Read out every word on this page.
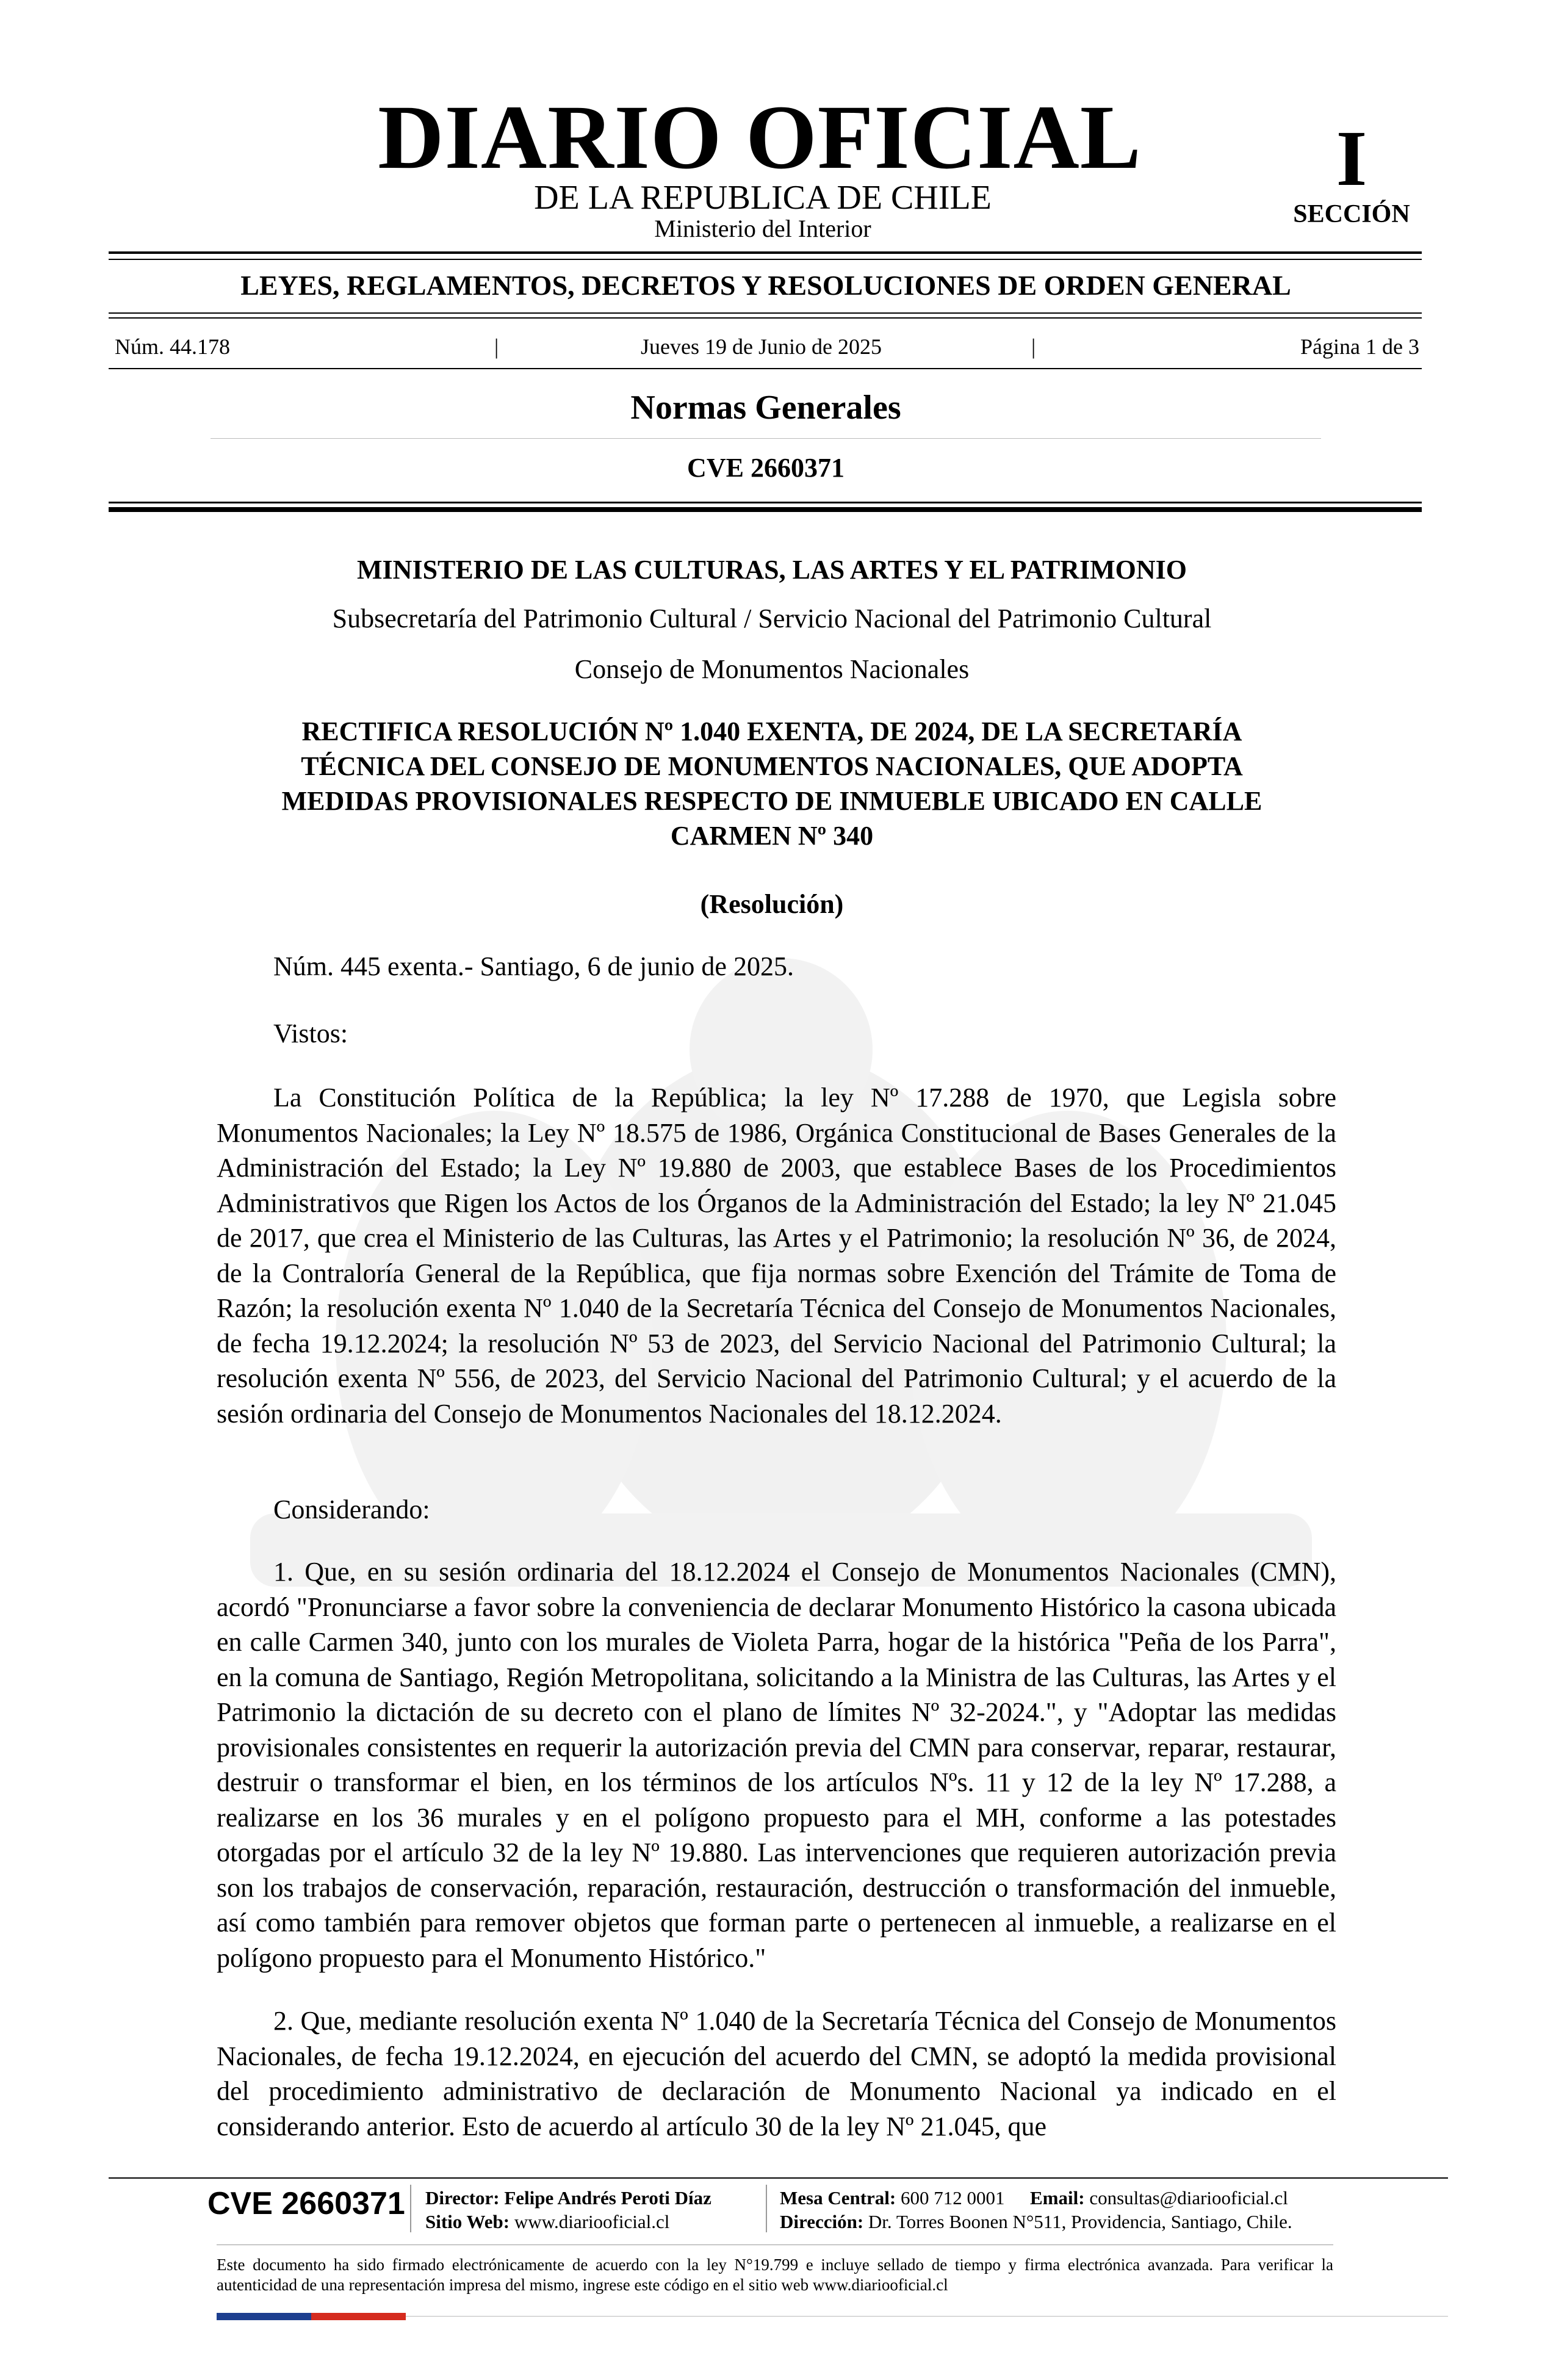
DIARIO OFICIAL
DE LA REPUBLICA DE CHILE
Ministerio del Interior
I
SECCIÓN
LEYES, REGLAMENTOS, DECRETOS Y RESOLUCIONES DE ORDEN GENERAL
Núm. 44.178	|	Jueves 19 de Junio de 2025	|	Página 1 de 3
Normas Generales
CVE 2660371
MINISTERIO DE LAS CULTURAS, LAS ARTES Y EL PATRIMONIO
Subsecretaría del Patrimonio Cultural / Servicio Nacional del Patrimonio Cultural
Consejo de Monumentos Nacionales
RECTIFICA RESOLUCIÓN Nº 1.040 EXENTA, DE 2024, DE LA SECRETARÍA
TÉCNICA DEL CONSEJO DE MONUMENTOS NACIONALES, QUE ADOPTA
MEDIDAS PROVISIONALES RESPECTO DE INMUEBLE UBICADO EN CALLE
CARMEN Nº 340
(Resolución)
Núm. 445 exenta.- Santiago, 6 de junio de 2025.
Vistos:

La Constitución Política de la República; la ley Nº 17.288 de 1970, que Legisla sobre Monumentos Nacionales; la Ley Nº 18.575 de 1986, Orgánica Constitucional de Bases Generales de la Administración del Estado; la Ley Nº 19.880 de 2003, que establece Bases de los Procedimientos Administrativos que Rigen los Actos de los Órganos de la Administración del Estado; la ley Nº 21.045 de 2017, que crea el Ministerio de las Culturas, las Artes y el Patrimonio; la resolución Nº 36, de 2024, de la Contraloría General de la República, que fija normas sobre Exención del Trámite de Toma de Razón; la resolución exenta Nº 1.040 de la Secretaría Técnica del Consejo de Monumentos Nacionales, de fecha 19.12.2024; la resolución Nº 53 de 2023, del Servicio Nacional del Patrimonio Cultural; la resolución exenta Nº 556, de 2023, del Servicio Nacional del Patrimonio Cultural; y el acuerdo de la sesión ordinaria del Consejo de Monumentos Nacionales del 18.12.2024.

Considerando:

1. Que, en su sesión ordinaria del 18.12.2024 el Consejo de Monumentos Nacionales (CMN), acordó "Pronunciarse a favor sobre la conveniencia de declarar Monumento Histórico la casona ubicada en calle Carmen 340, junto con los murales de Violeta Parra, hogar de la histórica "Peña de los Parra", en la comuna de Santiago, Región Metropolitana, solicitando a la Ministra de las Culturas, las Artes y el Patrimonio la dictación de su decreto con el plano de límites Nº 32-2024.", y "Adoptar las medidas provisionales consistentes en requerir la autorización previa del CMN para conservar, reparar, restaurar, destruir o transformar el bien, en los términos de los artículos Nºs. 11 y 12 de la ley Nº 17.288, a realizarse en los 36 murales y en el polígono propuesto para el MH, conforme a las potestades otorgadas por el artículo 32 de la ley Nº 19.880. Las intervenciones que requieren autorización previa son los trabajos de conservación, reparación, restauración, destrucción o transformación del inmueble, así como también para remover objetos que forman parte o pertenecen al inmueble, a realizarse en el polígono propuesto para el Monumento Histórico."

2. Que, mediante resolución exenta Nº 1.040 de la Secretaría Técnica del Consejo de Monumentos Nacionales, de fecha 19.12.2024, en ejecución del acuerdo del CMN, se adoptó la medida provisional del procedimiento administrativo de declaración de Monumento Nacional ya indicado en el considerando anterior. Esto de acuerdo al artículo 30 de la ley Nº 21.045, que

CVE 2660371 Director: Felipe Andrés Peroti Díaz
Sitio Web: www.diariooficial.cl
Mesa Central: 600 712 0001 Email: consultas@diariooficial.cl
Dirección: Dr. Torres Boonen N°511, Providencia, Santiago, Chile.
Este documento ha sido firmado electrónicamente de acuerdo con la ley N°19.799 e incluye sellado de tiempo y firma electrónica avanzada. Para verificar la autenticidad de una representación impresa del mismo, ingrese este código en el sitio web www.diariooficial.cl
